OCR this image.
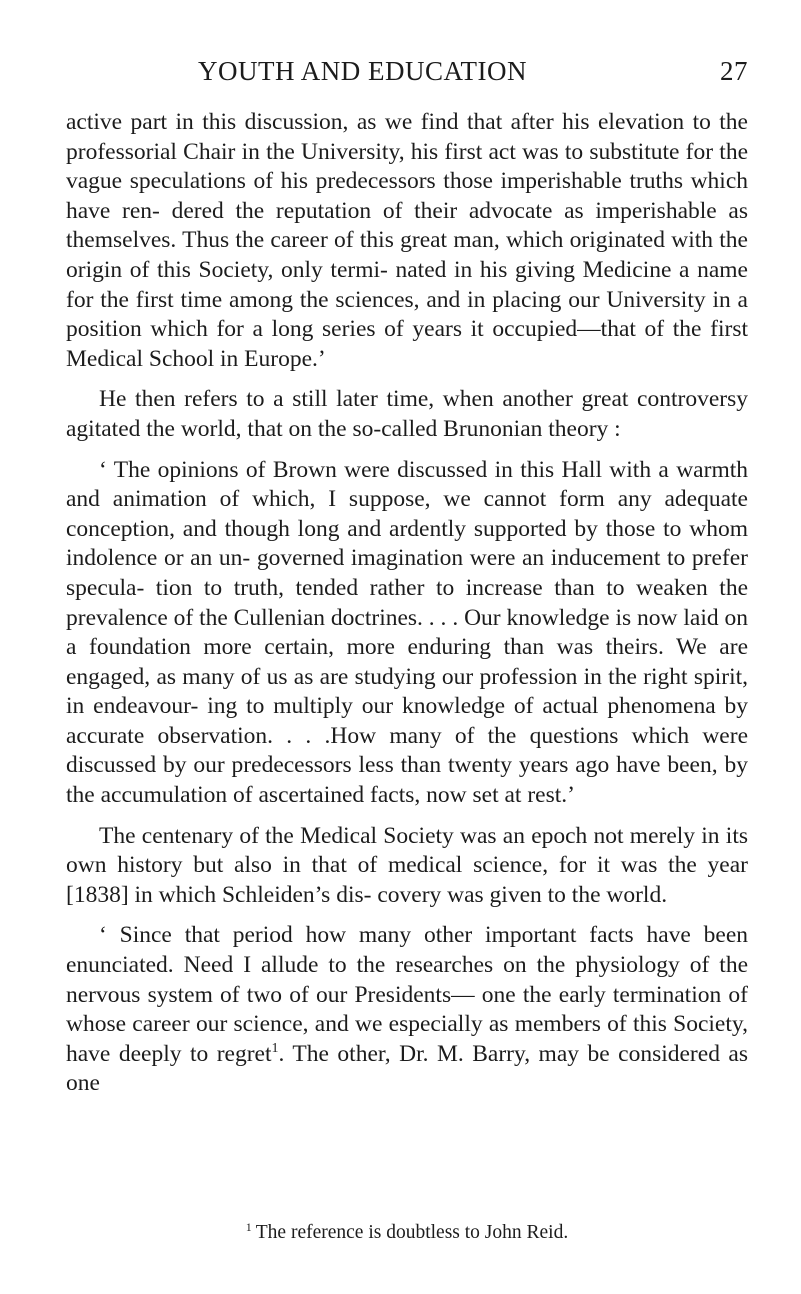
YOUTH AND EDUCATION	27

active part in this discussion, as we find that after his elevation to the professorial Chair in the University, his first act was to substitute for the vague speculations of his predecessors those imperishable truths which have ren- dered the reputation of their advocate as imperishable as themselves. Thus the career of this great man, which originated with the origin of this Society, only termi- nated in his giving Medicine a name for the first time among the sciences, and in placing our University in a position which for a long series of years it occupied—that of the first Medical School in Europe.’

He then refers to a still later time, when another great controversy agitated the world, that on the so-called Brunonian theory :

‘ The opinions of Brown were discussed in this Hall with a warmth and animation of which, I suppose, we cannot form any adequate conception, and though long and ardently supported by those to whom indolence or an un- governed imagination were an inducement to prefer specula- tion to truth, tended rather to increase than to weaken the prevalence of the Cullenian doctrines. . . . Our knowledge is now laid on a foundation more certain, more enduring than was theirs. We are engaged, as many of us as are studying our profession in the right spirit, in endeavour- ing to multiply our knowledge of actual phenomena by accurate observation. . . .How many of the questions which were discussed by our predecessors less than twenty years ago have been, by the accumulation of ascertained facts, now set at rest.’

The centenary of the Medical Society was an epoch not merely in its own history but also in that of medical science, for it was the year [1838] in which Schleiden’s dis- covery was given to the world.

‘ Since that period how many other important facts have been enunciated. Need I allude to the researches on the physiology of the nervous system of two of our Presidents— one the early termination of whose career our science, and we especially as members of this Society, have deeply to regret$^1$. The other, Dr. M. Barry, may be considered as one

$^1$ The reference is doubtless to John Reid.
